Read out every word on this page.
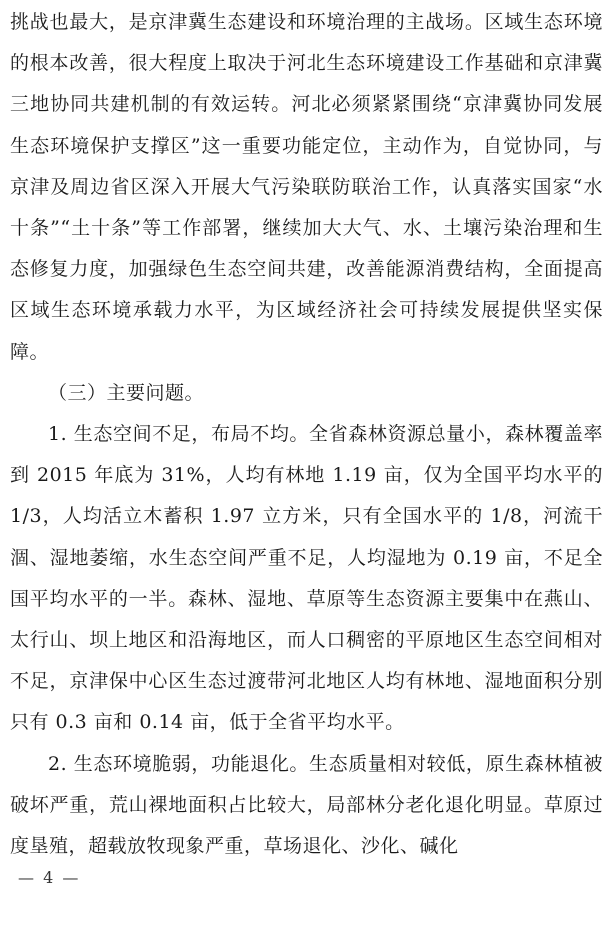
挑战也最大，是京津冀生态建设和环境治理的主战场。区域生态环境的根本改善，很大程度上取决于河北生态环境建设工作基础和京津冀三地协同共建机制的有效运转。河北必须紧紧围绕“京津冀协同发展生态环境保护支撑区”这一重要功能定位，主动作为，自觉协同，与京津及周边省区深入开展大气污染联防联治工作，认真落实国家“水十条”“土十条”等工作部署，继续加大大气、水、土壤污染治理和生态修复力度，加强绿色生态空间共建，改善能源消费结构，全面提高区域生态环境承载力水平，为区域经济社会可持续发展提供坚实保障。

（三）主要问题。

1. 生态空间不足，布局不均。全省森林资源总量小，森林覆盖率到 2015 年底为 31%，人均有林地 1.19 亩，仅为全国平均水平的 1/3，人均活立木蓄积 1.97 立方米，只有全国水平的 1/8，河流干涸、湿地萎缩，水生态空间严重不足，人均湿地为 0.19 亩，不足全国平均水平的一半。森林、湿地、草原等生态资源主要集中在燕山、太行山、坝上地区和沿海地区，而人口稠密的平原地区生态空间相对不足，京津保中心区生态过渡带河北地区人均有林地、湿地面积分别只有 0.3 亩和 0.14 亩，低于全省平均水平。

2. 生态环境脆弱，功能退化。生态质量相对较低，原生森林植被破坏严重，荒山裸地面积占比较大，局部林分老化退化明显。草原过度垦殖，超载放牧现象严重，草场退化、沙化、碱化

— 4 —
